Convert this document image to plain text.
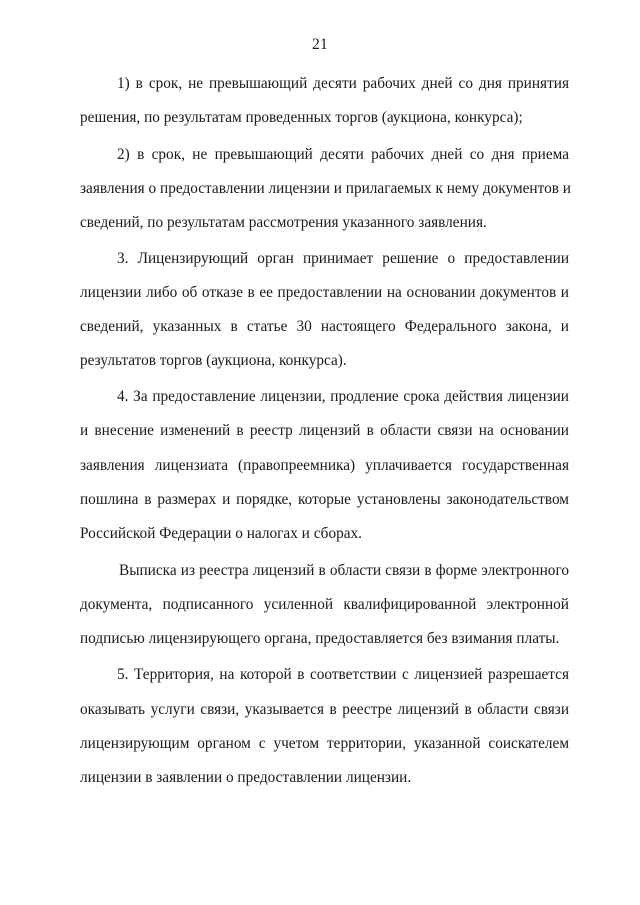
21
1) в срок, не превышающий десяти рабочих дней со дня принятия
решения, по результатам проведенных торгов (аукциона, конкурса);
2) в срок, не превышающий десяти рабочих дней со дня приема
заявления о предоставлении лицензии и прилагаемых к нему документов и
сведений, по результатам рассмотрения указанного заявления.
3. Лицензирующий орган принимает решение о предоставлении
лицензии либо об отказе в ее предоставлении на основании документов и
сведений, указанных в статье 30 настоящего Федерального закона, и
результатов торгов (аукциона, конкурса).
4. За предоставление лицензии, продление срока действия лицензии
и внесение изменений в реестр лицензий в области связи на основании
заявления лицензиата (правопреемника) уплачивается государственная
пошлина в размерах и порядке, которые установлены законодательством
Российской Федерации о налогах и сборах.
Выписка из реестра лицензий в области связи в форме электронного
документа, подписанного усиленной квалифицированной электронной
подписью лицензирующего органа, предоставляется без взимания платы.
5. Территория, на которой в соответствии с лицензией разрешается
оказывать услуги связи, указывается в реестре лицензий в области связи
лицензирующим органом с учетом территории, указанной соискателем
лицензии в заявлении о предоставлении лицензии.
